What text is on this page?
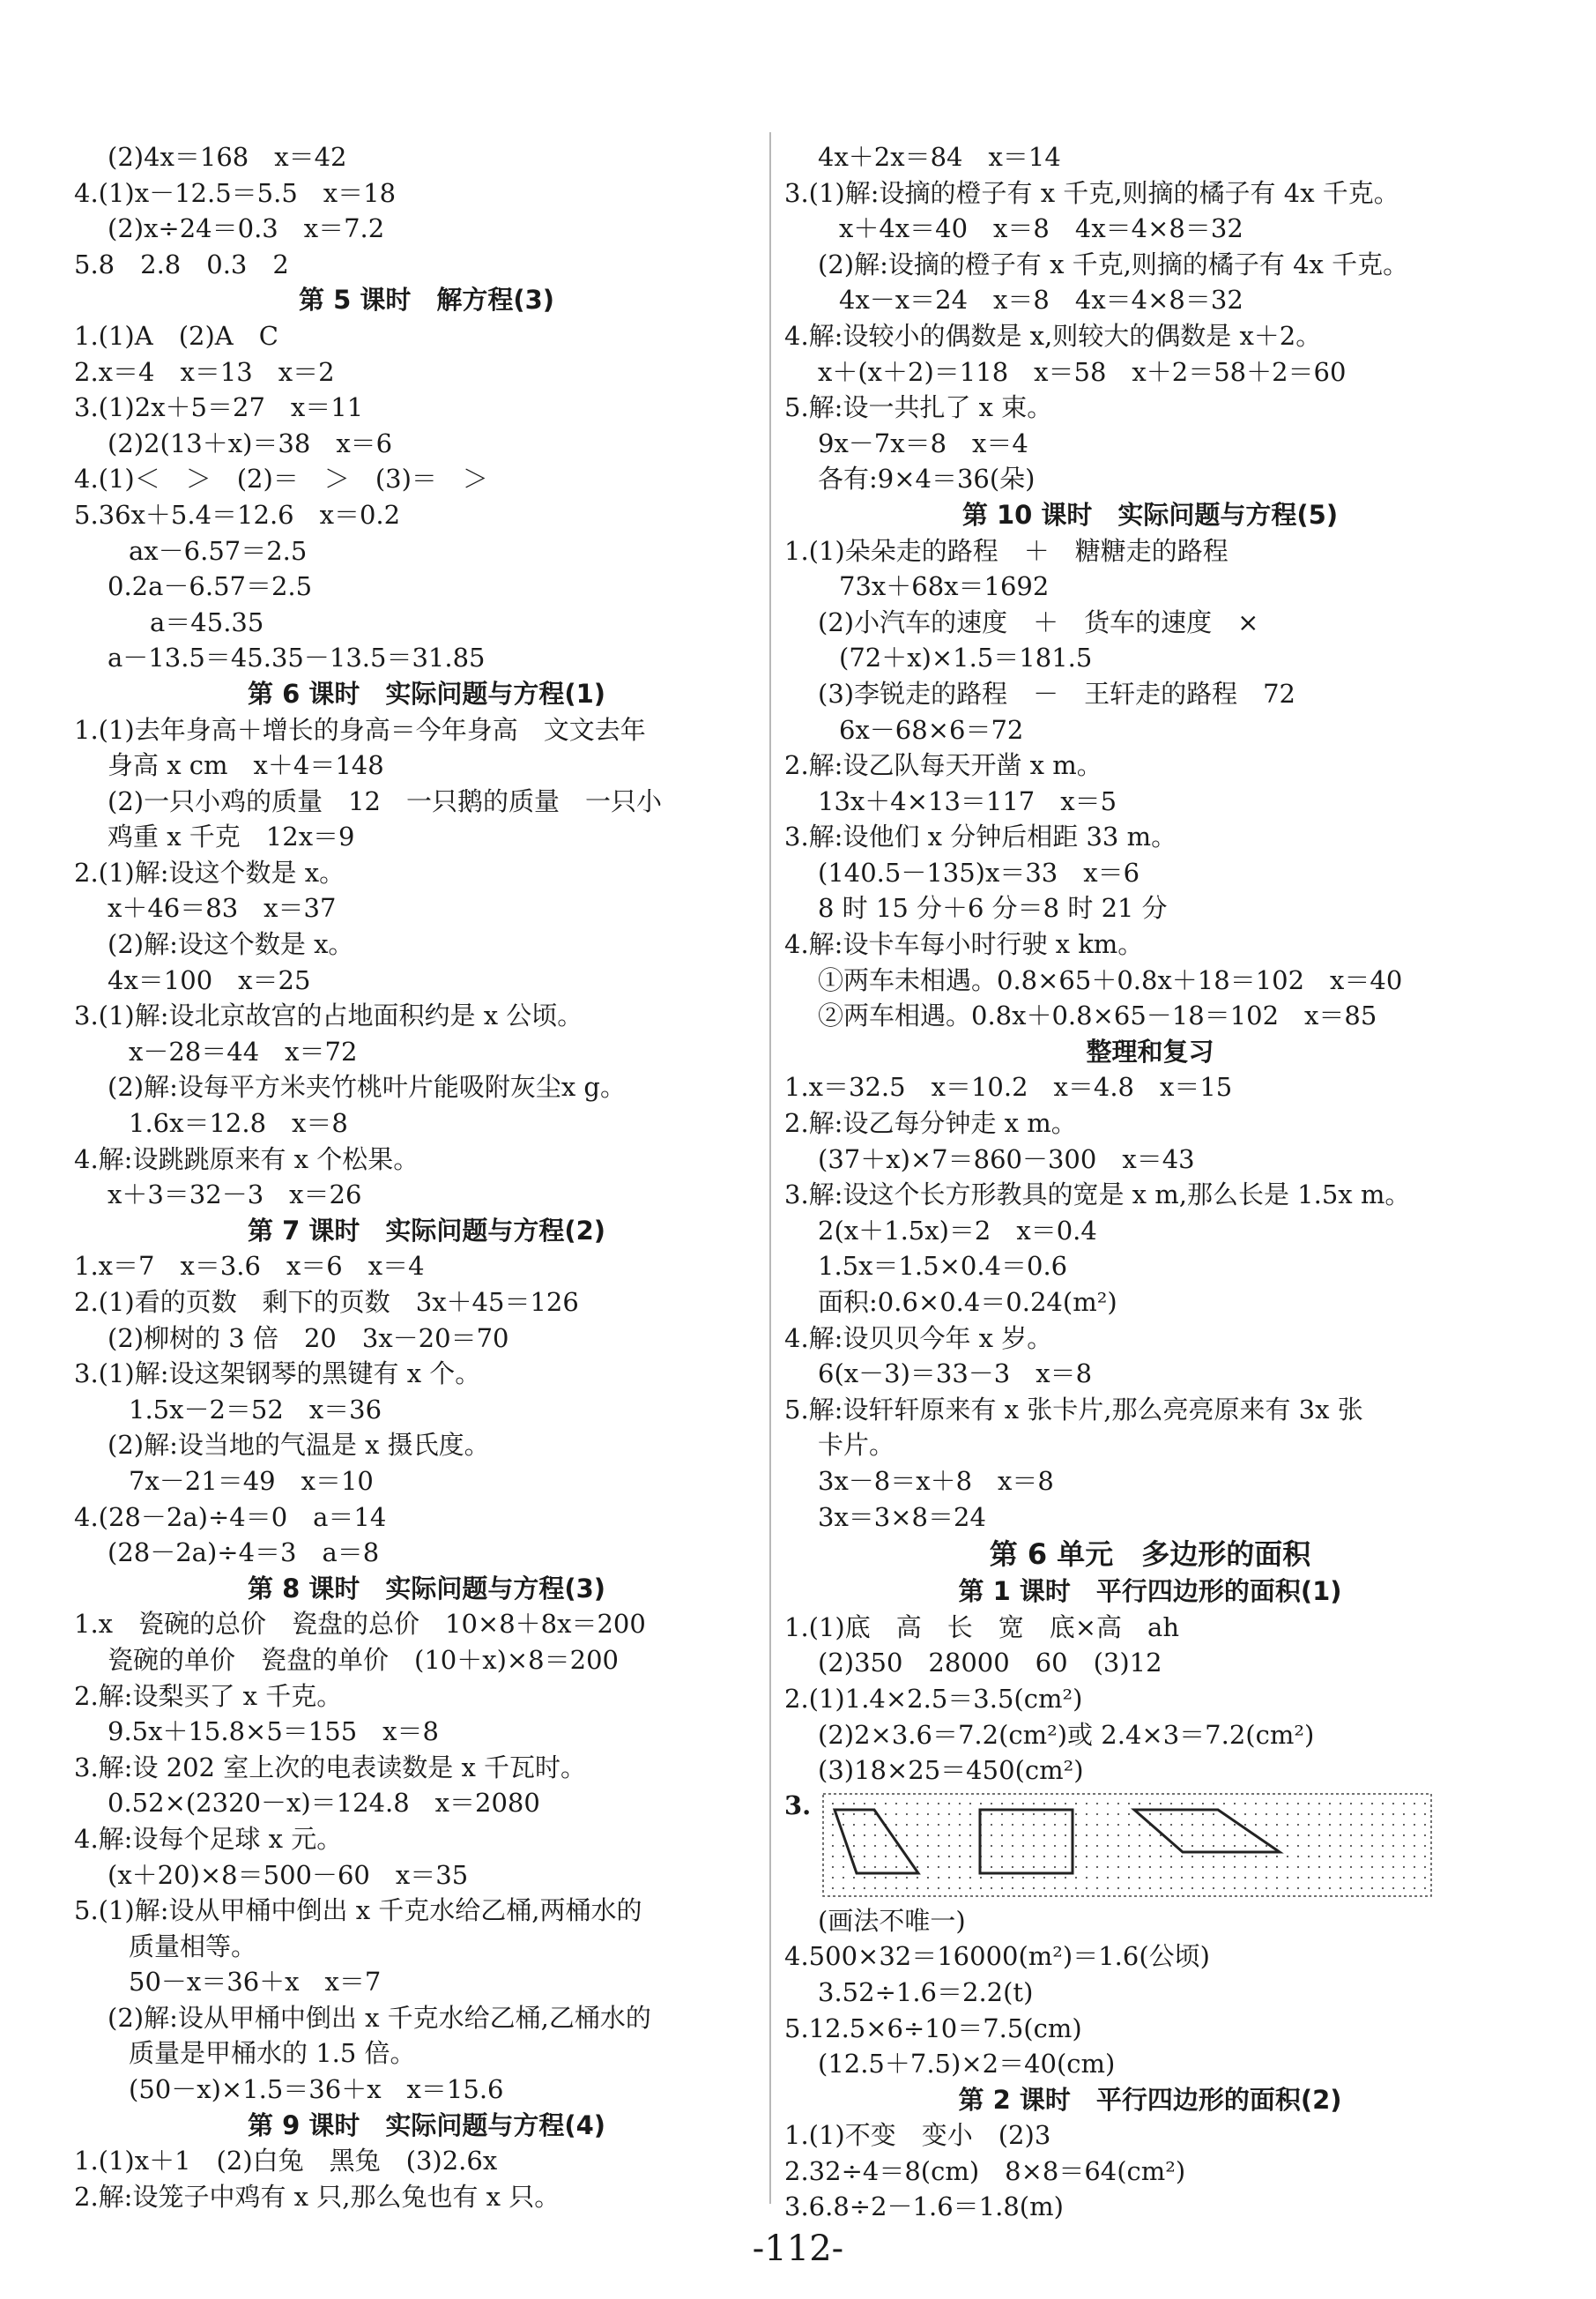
(2)4x＝168　x＝42
4.(1)x－12.5＝5.5　x＝18
(2)x÷24＝0.3　x＝7.2
5.8　2.8　0.3　2
第 5 课时　解方程(3)
1.(1)A　(2)A　C
2.x＝4　x＝13　x＝2
3.(1)2x＋5＝27　x＝11
(2)2(13＋x)＝38　x＝6
4.(1)＜　＞　(2)＝　＞　(3)＝　＞
5.36x＋5.4＝12.6　x＝0.2
ax－6.57＝2.5
0.2a－6.57＝2.5
a＝45.35
a－13.5＝45.35－13.5＝31.85
第 6 课时　实际问题与方程(1)
1.(1)去年身高＋增长的身高＝今年身高　文文去年
身高 x cm　x＋4＝148
(2)一只小鸡的质量　12　一只鹅的质量　一只小
鸡重 x 千克　12x＝9
2.(1)解:设这个数是 x。
x＋46＝83　x＝37
(2)解:设这个数是 x。
4x＝100　x＝25
3.(1)解:设北京故宫的占地面积约是 x 公顷。
x－28＝44　x＝72
(2)解:设每平方米夹竹桃叶片能吸附灰尘x g。
1.6x＝12.8　x＝8
4.解:设跳跳原来有 x 个松果。
x＋3＝32－3　x＝26
第 7 课时　实际问题与方程(2)
1.x＝7　x＝3.6　x＝6　x＝4
2.(1)看的页数　剩下的页数　3x＋45＝126
(2)柳树的 3 倍　20　3x－20＝70
3.(1)解:设这架钢琴的黑键有 x 个。
1.5x－2＝52　x＝36
(2)解:设当地的气温是 x 摄氏度。
7x－21＝49　x＝10
4.(28－2a)÷4＝0　a＝14
(28－2a)÷4＝3　a＝8
第 8 课时　实际问题与方程(3)
1.x　瓷碗的总价　瓷盘的总价　10×8＋8x＝200
瓷碗的单价　瓷盘的单价　(10＋x)×8＝200
2.解:设梨买了 x 千克。
9.5x＋15.8×5＝155　x＝8
3.解:设 202 室上次的电表读数是 x 千瓦时。
0.52×(2320－x)＝124.8　x＝2080
4.解:设每个足球 x 元。
(x＋20)×8＝500－60　x＝35
5.(1)解:设从甲桶中倒出 x 千克水给乙桶,两桶水的
质量相等。
50－x＝36＋x　x＝7
(2)解:设从甲桶中倒出 x 千克水给乙桶,乙桶水的
质量是甲桶水的 1.5 倍。
(50－x)×1.5＝36＋x　x＝15.6
第 9 课时　实际问题与方程(4)
1.(1)x＋1　(2)白兔　黑兔　(3)2.6x
2.解:设笼子中鸡有 x 只,那么兔也有 x 只。
4x＋2x＝84　x＝14
3.(1)解:设摘的橙子有 x 千克,则摘的橘子有 4x 千克。
x＋4x＝40　x＝8　4x＝4×8＝32
(2)解:设摘的橙子有 x 千克,则摘的橘子有 4x 千克。
4x－x＝24　x＝8　4x＝4×8＝32
4.解:设较小的偶数是 x,则较大的偶数是 x＋2。
x＋(x＋2)＝118　x＝58　x＋2＝58＋2＝60
5.解:设一共扎了 x 束。
9x－7x＝8　x＝4
各有:9×4＝36(朵)
第 10 课时　实际问题与方程(5)
1.(1)朵朵走的路程　＋　糖糖走的路程
73x＋68x＝1692
(2)小汽车的速度　＋　货车的速度　×
(72＋x)×1.5＝181.5
(3)李锐走的路程　－　王轩走的路程　72
6x－68×6＝72
2.解:设乙队每天开凿 x m。
13x＋4×13＝117　x＝5
3.解:设他们 x 分钟后相距 33 m。
(140.5－135)x＝33　x＝6
8 时 15 分＋6 分＝8 时 21 分
4.解:设卡车每小时行驶 x km。
①两车未相遇。0.8×65＋0.8x＋18＝102　x＝40
②两车相遇。0.8x＋0.8×65－18＝102　x＝85
整理和复习
1.x＝32.5　x＝10.2　x＝4.8　x＝15
2.解:设乙每分钟走 x m。
(37＋x)×7＝860－300　x＝43
3.解:设这个长方形教具的宽是 x m,那么长是 1.5x m。
2(x＋1.5x)＝2　x＝0.4
1.5x＝1.5×0.4＝0.6
面积:0.6×0.4＝0.24(m²)
4.解:设贝贝今年 x 岁。
6(x－3)＝33－3　x＝8
5.解:设轩轩原来有 x 张卡片,那么亮亮原来有 3x 张
卡片。
3x－8＝x＋8　x＝8
3x＝3×8＝24
第 6 单元　多边形的面积
第 1 课时　平行四边形的面积(1)
1.(1)底　高　长　宽　底×高　ah
(2)350　28000　60　(3)12
2.(1)1.4×2.5＝3.5(cm²)
(2)2×3.6＝7.2(cm²)或 2.4×3＝7.2(cm²)
(3)18×25＝450(cm²)
3.
(画法不唯一)
4.500×32＝16000(m²)＝1.6(公顷)
3.52÷1.6＝2.2(t)
5.12.5×6÷10＝7.5(cm)
(12.5＋7.5)×2＝40(cm)
第 2 课时　平行四边形的面积(2)
1.(1)不变　变小　(2)3
2.32÷4＝8(cm)　8×8＝64(cm²)
3.6.8÷2－1.6＝1.8(m)
-112-
